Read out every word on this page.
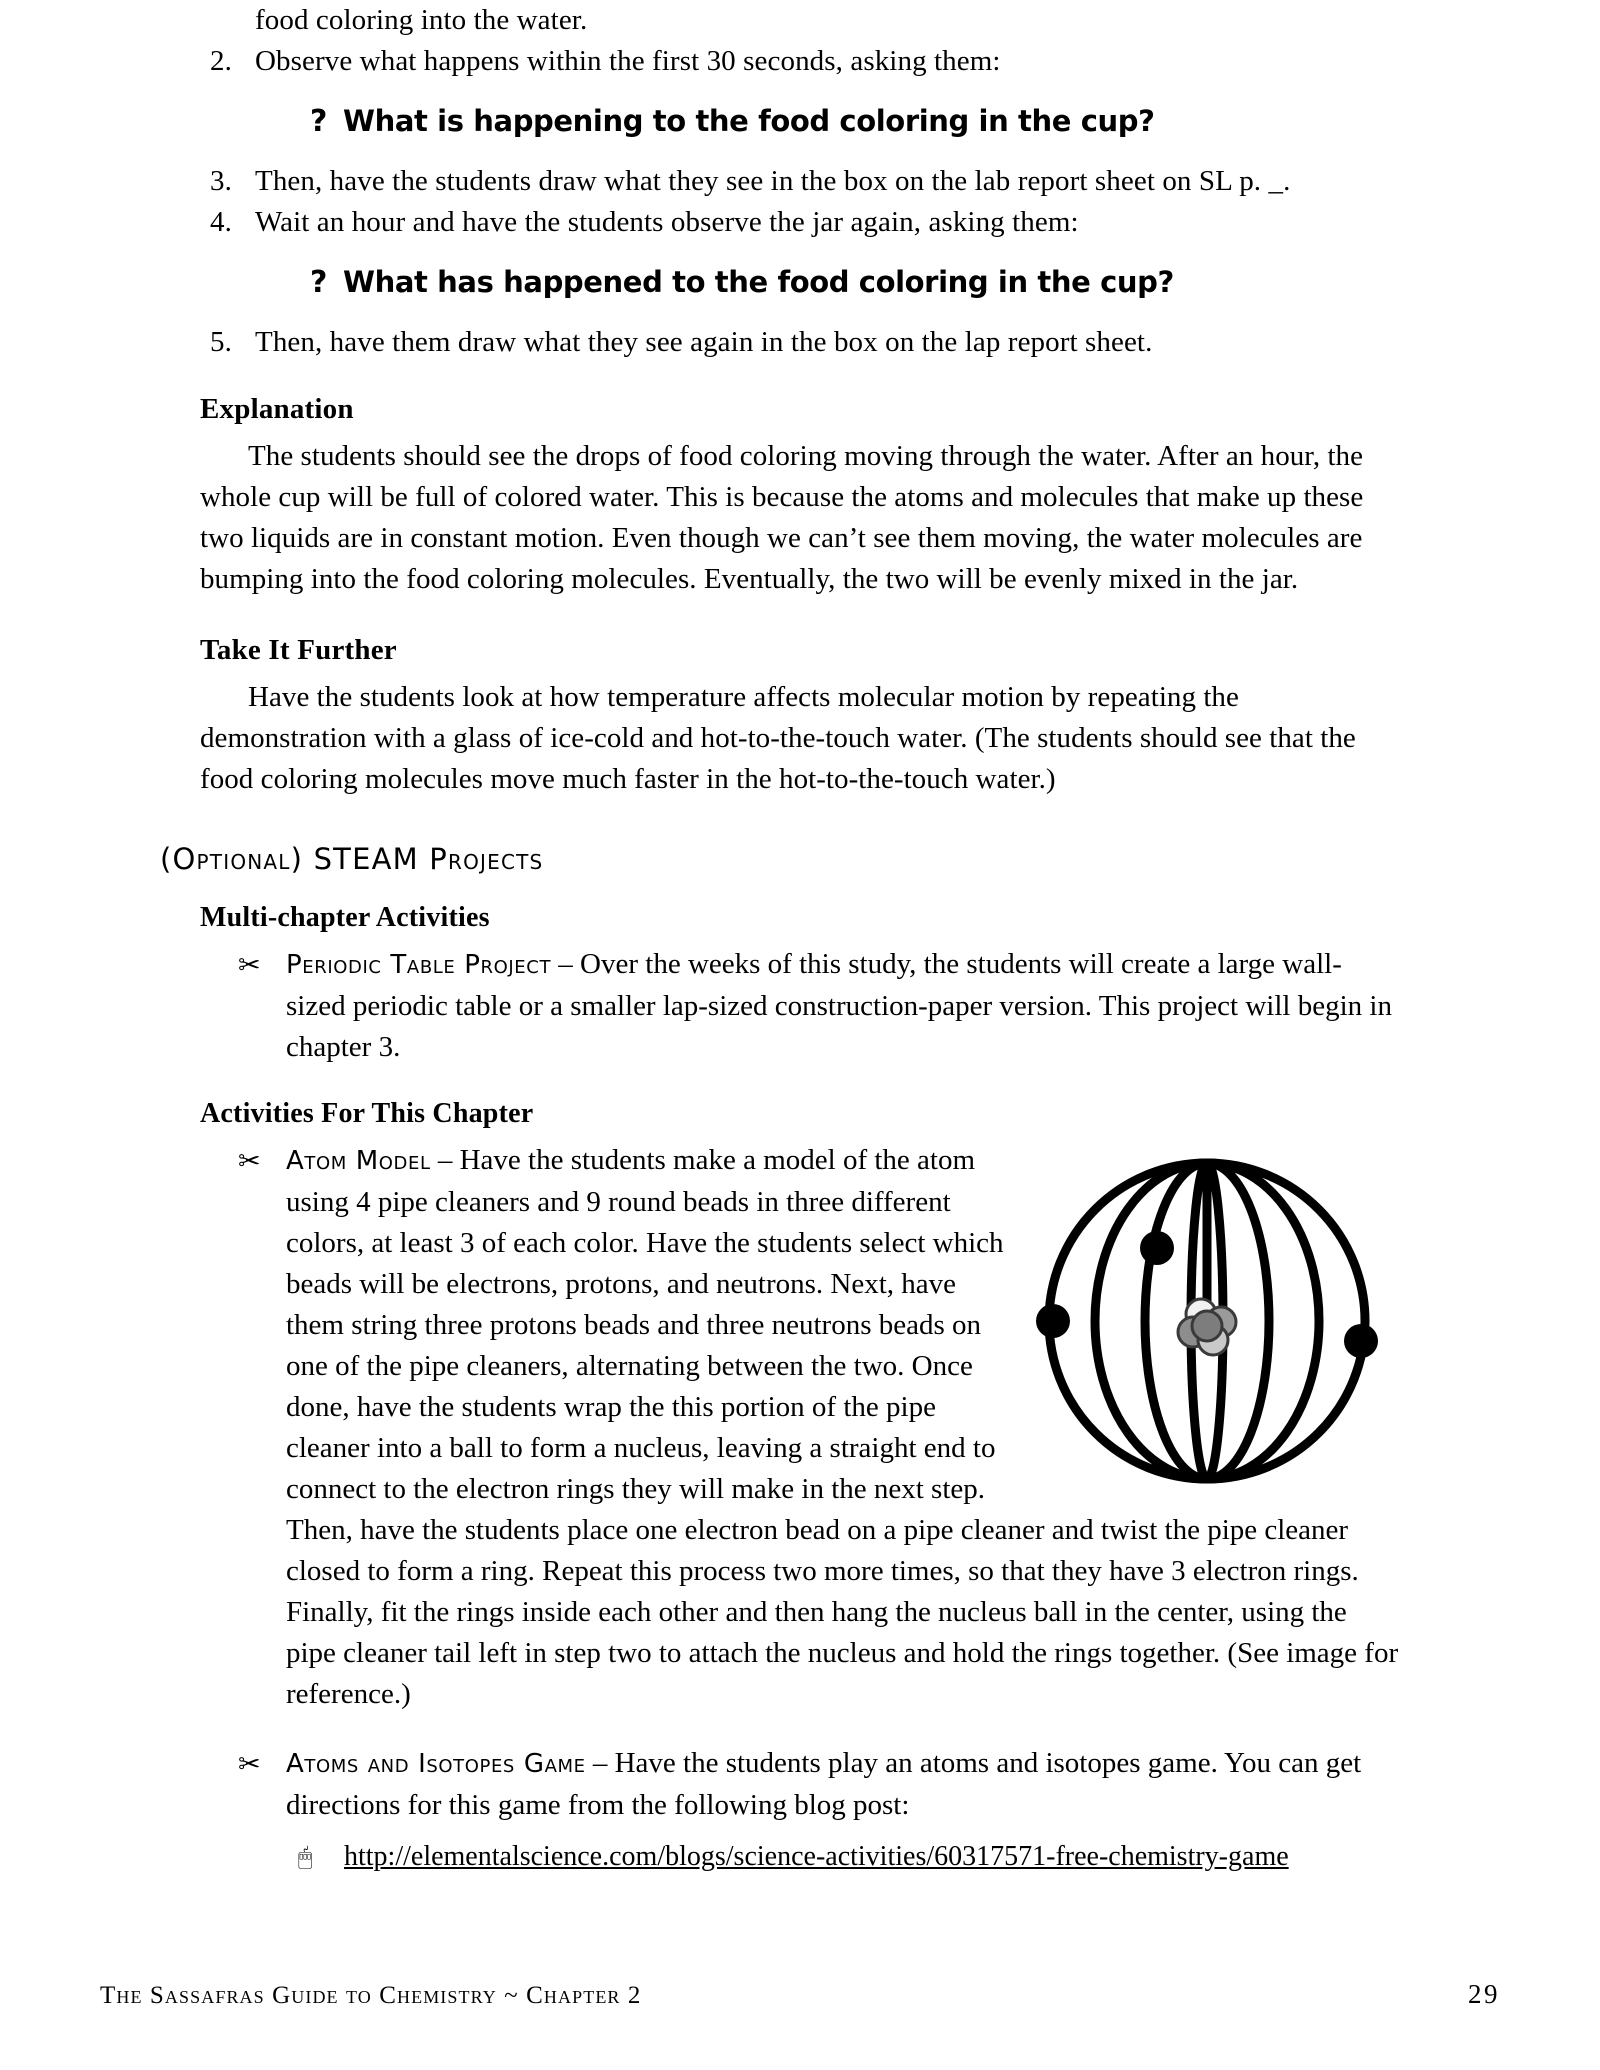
food coloring into the water.
2. Observe what happens within the first 30 seconds, asking them:
? What is happening to the food coloring in the cup?
3. Then, have the students draw what they see in the box on the lab report sheet on SL p. _.
4. Wait an hour and have the students observe the jar again, asking them:
? What has happened to the food coloring in the cup?
5. Then, have them draw what they see again in the box on the lap report sheet.
Explanation

The students should see the drops of food coloring moving through the water. After an hour, the whole cup will be full of colored water. This is because the atoms and molecules that make up these two liquids are in constant motion. Even though we can’t see them moving, the water molecules are bumping into the food coloring molecules. Eventually, the two will be evenly mixed in the jar.

Take It Further

Have the students look at how temperature affects molecular motion by repeating the demonstration with a glass of ice-cold and hot-to-the-touch water. (The students should see that the food coloring molecules move much faster in the hot-to-the-touch water.)

(Optional) STEAM Projects
Multi-chapter Activities
✂ Periodic Table Project – Over the weeks of this study, the students will create a large wall-sized periodic table or a smaller lap-sized construction-paper version. This project will begin in chapter 3.
Activities For This Chapter
✂ Atom Model – Have the students make a model of the atom using 4 pipe cleaners and 9 round beads in three different colors, at least 3 of each color. Have the students select which beads will be electrons, protons, and neutrons. Next, have them string three protons beads and three neutrons beads on one of the pipe cleaners, alternating between the two. Once done, have the students wrap the this portion of the pipe cleaner into a ball to form a nucleus, leaving a straight end to connect to the electron rings they will make in the next step. Then, have the students place one electron bead on a pipe cleaner and twist the pipe cleaner closed to form a ring. Repeat this process two more times, so that they have 3 electron rings. Finally, fit the rings inside each other and then hang the nucleus ball in the center, using the pipe cleaner tail left in step two to attach the nucleus and hold the rings together. (See image for reference.)
✂ Atoms and Isotopes Game – Have the students play an atoms and isotopes game. You can get directions for this game from the following blog post:
🖱 http://elementalscience.com/blogs/science-activities/60317571-free-chemistry-game
The Sassafras Guide to Chemistry ~ Chapter 2	29
